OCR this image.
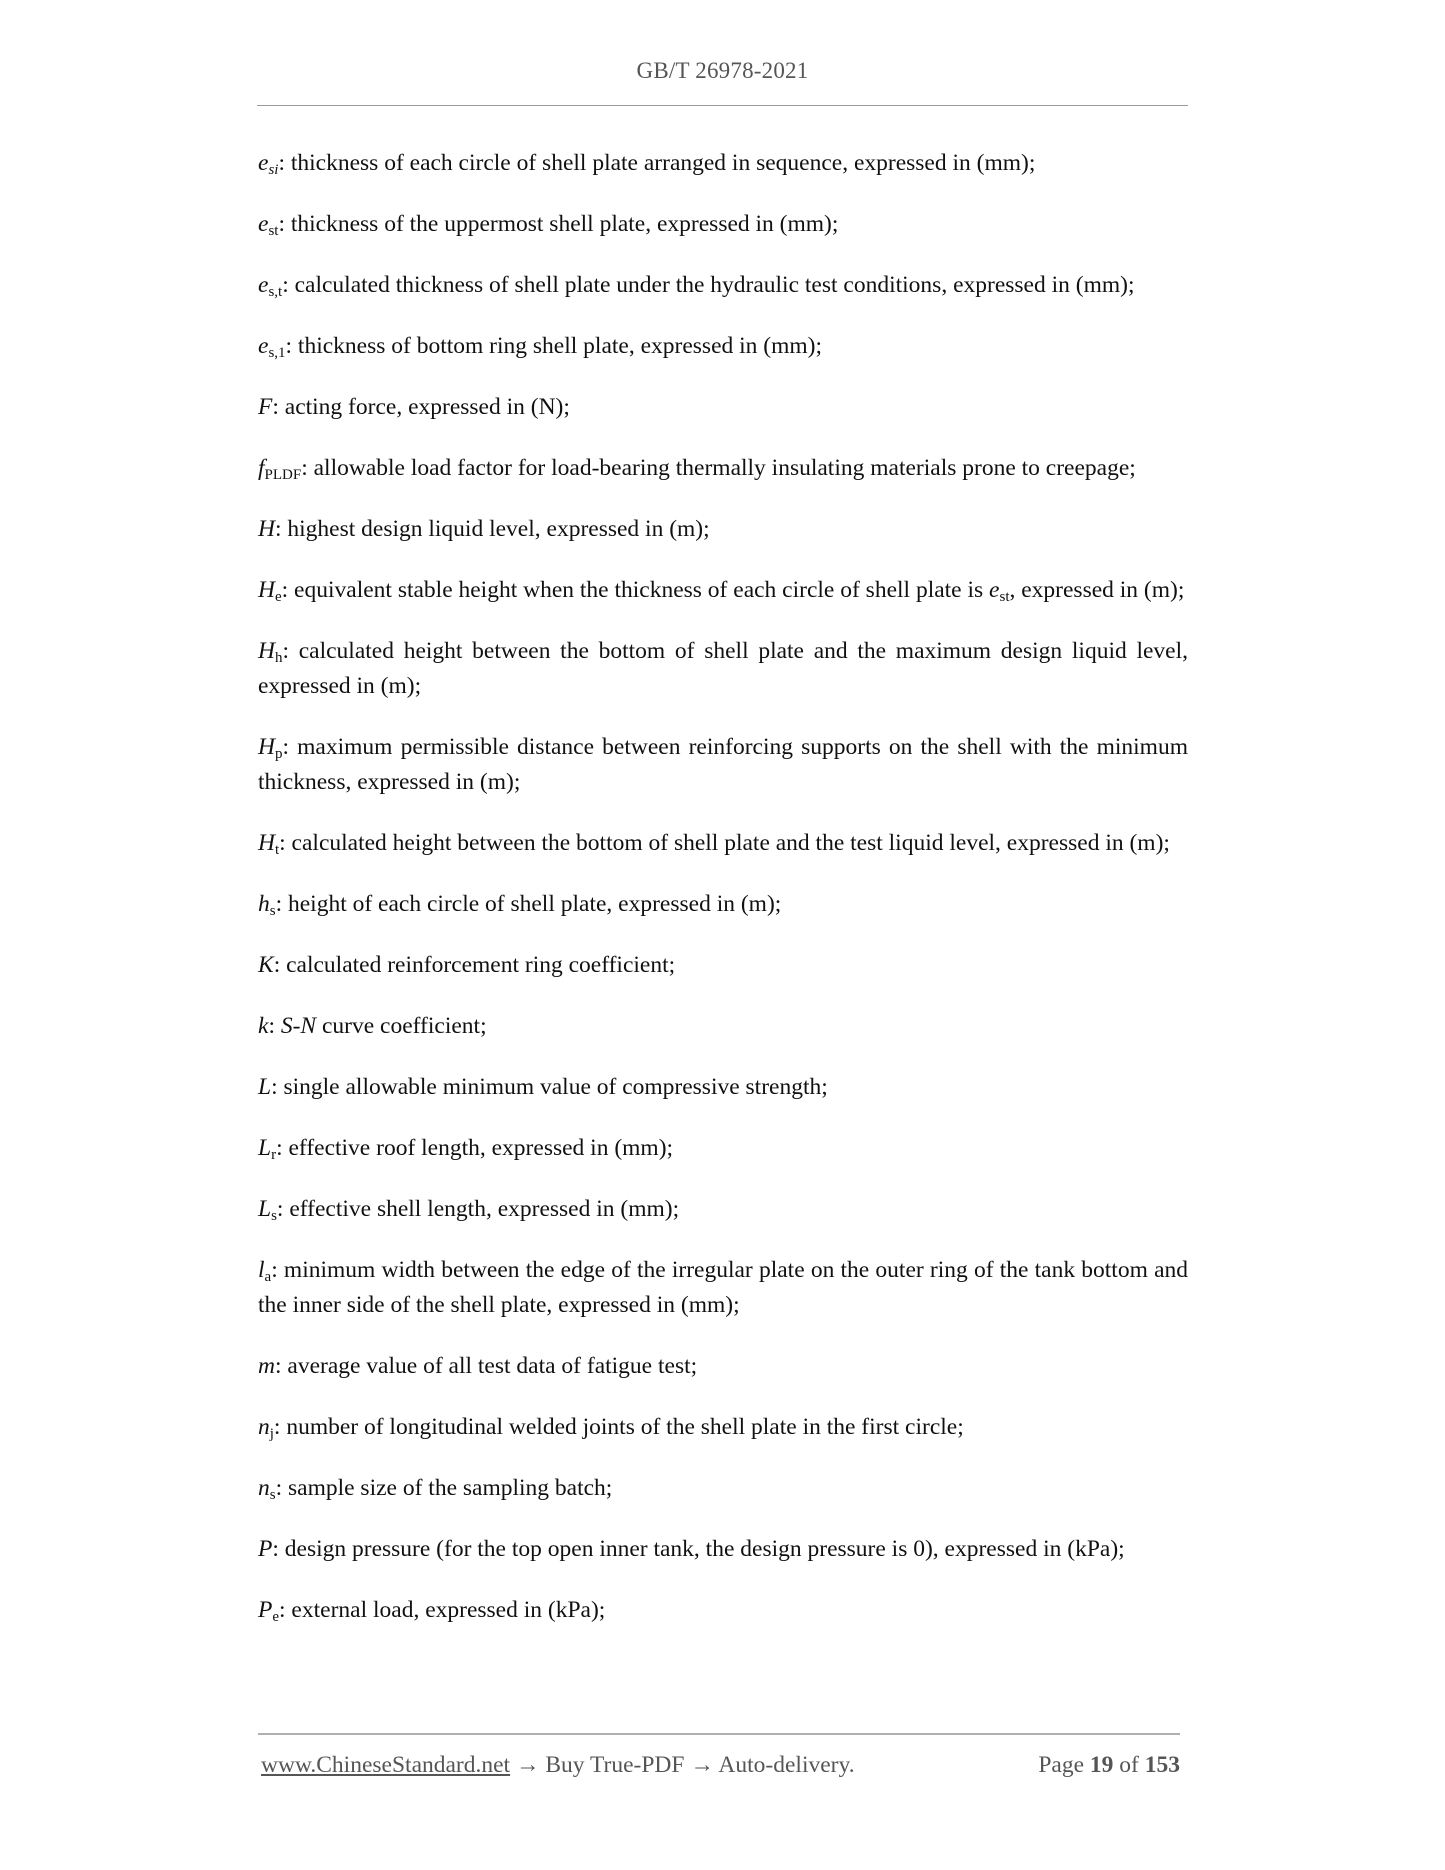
GB/T 26978-2021

$e_{si}$: thickness of each circle of shell plate arranged in sequence, expressed in (mm);

$e_{st}$: thickness of the uppermost shell plate, expressed in (mm);

$e_{s,t}$: calculated thickness of shell plate under the hydraulic test conditions, expressed in (mm);

$e_{s,1}$: thickness of bottom ring shell plate, expressed in (mm);

F: acting force, expressed in (N);

$f_{PLDF}$: allowable load factor for load-bearing thermally insulating materials prone to creepage;

H: highest design liquid level, expressed in (m);

$H_e$: equivalent stable height when the thickness of each circle of shell plate is $e_{st}$, expressed in (m);

$H_h$: calculated height between the bottom of shell plate and the maximum design liquid level, expressed in (m);

$H_p$: maximum permissible distance between reinforcing supports on the shell with the minimum thickness, expressed in (m);

$H_t$: calculated height between the bottom of shell plate and the test liquid level, expressed in (m);

$h_s$: height of each circle of shell plate, expressed in (m);

K: calculated reinforcement ring coefficient;

k: S-N curve coefficient;

L: single allowable minimum value of compressive strength;

$L_r$: effective roof length, expressed in (mm);

$L_s$: effective shell length, expressed in (mm);

$l_a$: minimum width between the edge of the irregular plate on the outer ring of the tank bottom and the inner side of the shell plate, expressed in (mm);

m: average value of all test data of fatigue test;

$n_j$: number of longitudinal welded joints of the shell plate in the first circle;

$n_s$: sample size of the sampling batch;

P: design pressure (for the top open inner tank, the design pressure is 0), expressed in (kPa);

$P_e$: external load, expressed in (kPa);

www.ChineseStandard.net → Buy True-PDF → Auto-delivery.	Page 19 of 153
